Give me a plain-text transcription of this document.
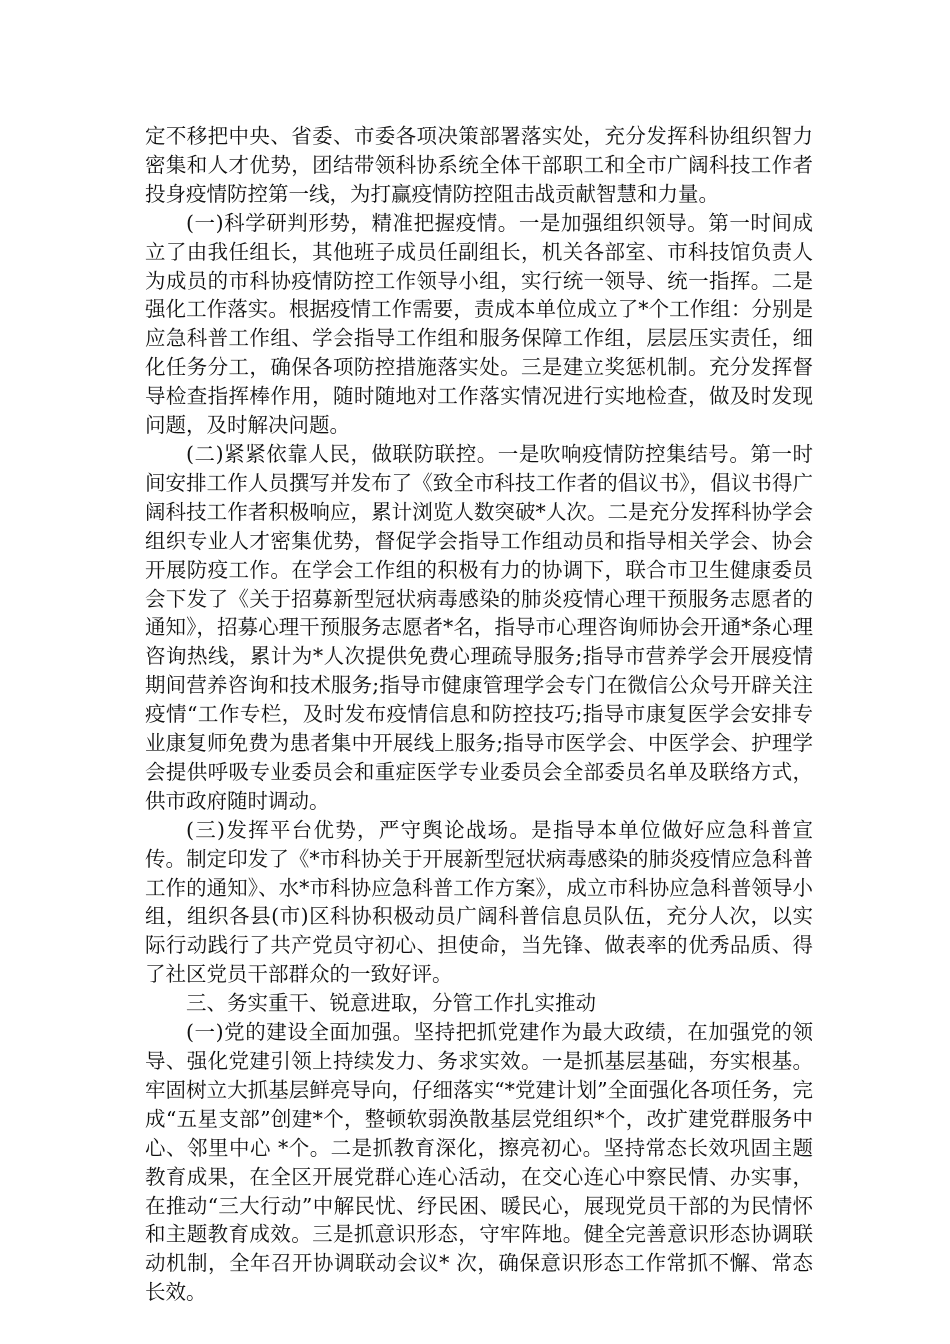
定不移把中央、省委、市委各项决策部署落实处，充分发挥科协组织智力密集和人才优势，团结带领科协系统全体干部职工和全市广阔科技工作者投身疫情防控第一线，为打赢疫情防控阻击战贡献智慧和力量。

(一)科学研判形势，精准把握疫情。一是加强组织领导。第一时间成立了由我任组长，其他班子成员任副组长，机关各部室、市科技馆负责人为成员的市科协疫情防控工作领导小组，实行统一领导、统一指挥。二是强化工作落实。根据疫情工作需要，责成本单位成立了*个工作组：分别是应急科普工作组、学会指导工作组和服务保障工作组，层层压实责任，细化任务分工，确保各项防控措施落实处。三是建立奖惩机制。充分发挥督导检查指挥棒作用，随时随地对工作落实情况进行实地检查，做及时发现问题，及时解决问题。

(二)紧紧依靠人民，做联防联控。一是吹响疫情防控集结号。第一时间安排工作人员撰写并发布了《致全市科技工作者的倡议书》，倡议书得广阔科技工作者积极响应，累计浏览人数突破*人次。二是充分发挥科协学会组织专业人才密集优势，督促学会指导工作组动员和指导相关学会、协会开展防疫工作。在学会工作组的积极有力的协调下，联合市卫生健康委员会下发了《关于招募新型冠状病毒感染的肺炎疫情心理干预服务志愿者的通知》，招募心理干预服务志愿者*名，指导市心理咨询师协会开通*条心理咨询热线，累计为*人次提供免费心理疏导服务;指导市营养学会开展疫情期间营养咨询和技术服务;指导市健康管理学会专门在微信公众号开辟关注疫情“工作专栏，及时发布疫情信息和防控技巧;指导市康复医学会安排专业康复师免费为患者集中开展线上服务;指导市医学会、中医学会、护理学会提供呼吸专业委员会和重症医学专业委员会全部委员名单及联络方式，供市政府随时调动。

(三)发挥平台优势，严守舆论战场。是指导本单位做好应急科普宣传。制定印发了《*市科协关于开展新型冠状病毒感染的肺炎疫情应急科普工作的通知》、水*市科协应急科普工作方案》，成立市科协应急科普领导小组，组织各县(市)区科协积极动员广阔科普信息员队伍，充分人次，以实际行动践行了共产党员守初心、担使命，当先锋、做表率的优秀品质、得了社区党员干部群众的一致好评。

三、务实重干、锐意进取，分管工作扎实推动

(一)党的建设全面加强。坚持把抓党建作为最大政绩，在加强党的领导、强化党建引领上持续发力、务求实效。一是抓基层基础，夯实根基。牢固树立大抓基层鲜亮导向，仔细落实“*党建计划”全面强化各项任务，完成“五星支部”创建*个，整顿软弱涣散基层党组织*个，改扩建党群服务中心、邻里中心 *个。二是抓教育深化，擦亮初心。坚持常态长效巩固主题教育成果，在全区开展党群心连心活动，在交心连心中察民情、办实事，在推动“三大行动”中解民忧、纾民困、暖民心，展现党员干部的为民情怀和主题教育成效。三是抓意识形态，守牢阵地。健全完善意识形态协调联动机制，全年召开协调联动会议* 次，确保意识形态工作常抓不懈、常态长效。
